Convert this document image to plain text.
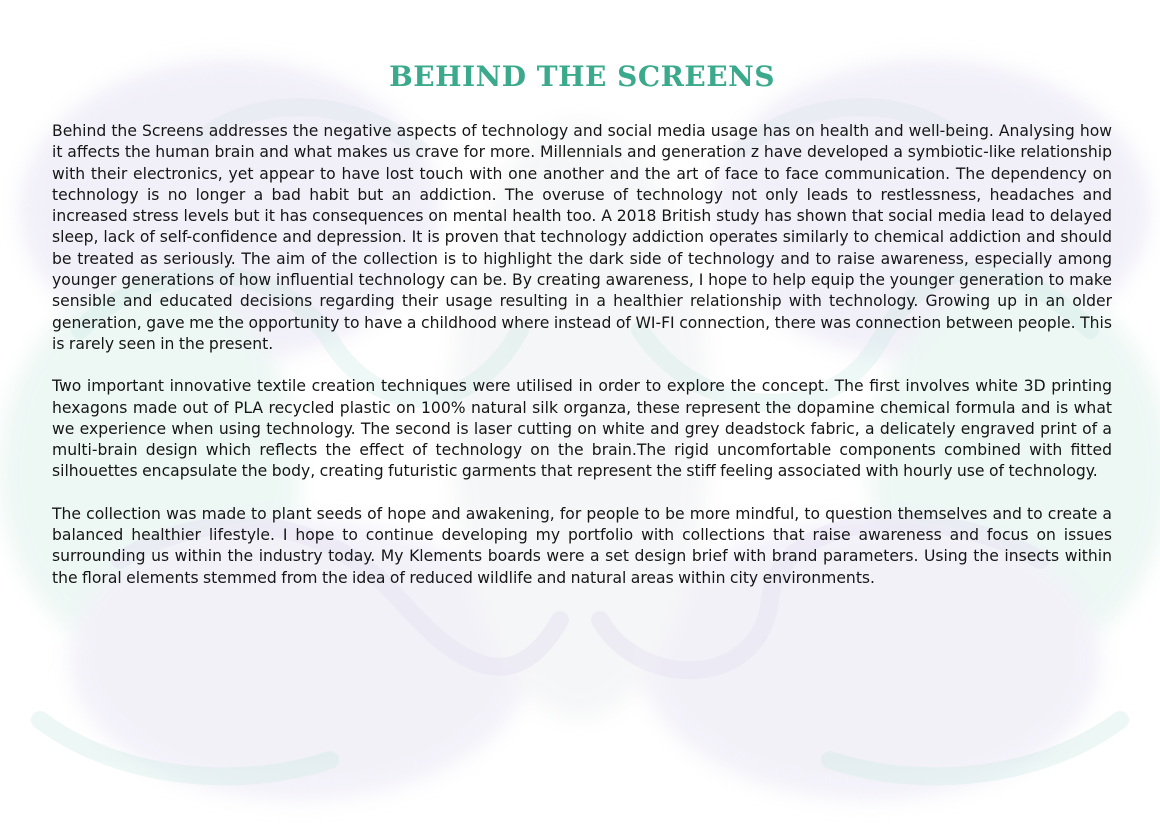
BEHIND THE SCREENS

Behind the Screens addresses the negative aspects of technology and social media usage has on health and well-being. Analysing how it affects the human brain and what makes us crave for more. Millennials and generation z have developed a symbiotic-like relationship with their electronics, yet appear to have lost touch with one another and the art of face to face communication. The dependency on technology is no longer a bad habit but an addiction. The overuse of technology not only leads to restlessness, headaches and increased stress levels but it has consequences on mental health too. A 2018 British study has shown that social media lead to delayed sleep, lack of self-confidence and depression. It is proven that technology addiction operates similarly to chemical addiction and should be treated as seriously. The aim of the collection is to highlight the dark side of technology and to raise awareness, especially among younger generations of how influential technology can be. By creating awareness, I hope to help equip the younger generation to make sensible and educated decisions regarding their usage resulting in a healthier relationship with technology. Growing up in an older generation, gave me the opportunity to have a childhood where instead of WI-FI connection, there was connection between people. This is rarely seen in the present.

Two important innovative textile creation techniques were utilised in order to explore the concept. The first involves white 3D printing hexagons made out of PLA recycled plastic on 100% natural silk organza, these represent the dopamine chemical formula and is what we experience when using technology. The second is laser cutting on white and grey deadstock fabric, a delicately engraved print of a multi-brain design which reflects the effect of technology on the brain.The rigid uncomfortable components combined with fitted silhouettes encapsulate the body, creating futuristic garments that represent the stiff feeling associated with hourly use of technology.

The collection was made to plant seeds of hope and awakening, for people to be more mindful, to question themselves and to create a balanced healthier lifestyle. I hope to continue developing my portfolio with collections that raise awareness and focus on issues surrounding us within the industry today. My Klements boards were a set design brief with brand parameters. Using the insects within the floral elements stemmed from the idea of reduced wildlife and natural areas within city environments.
